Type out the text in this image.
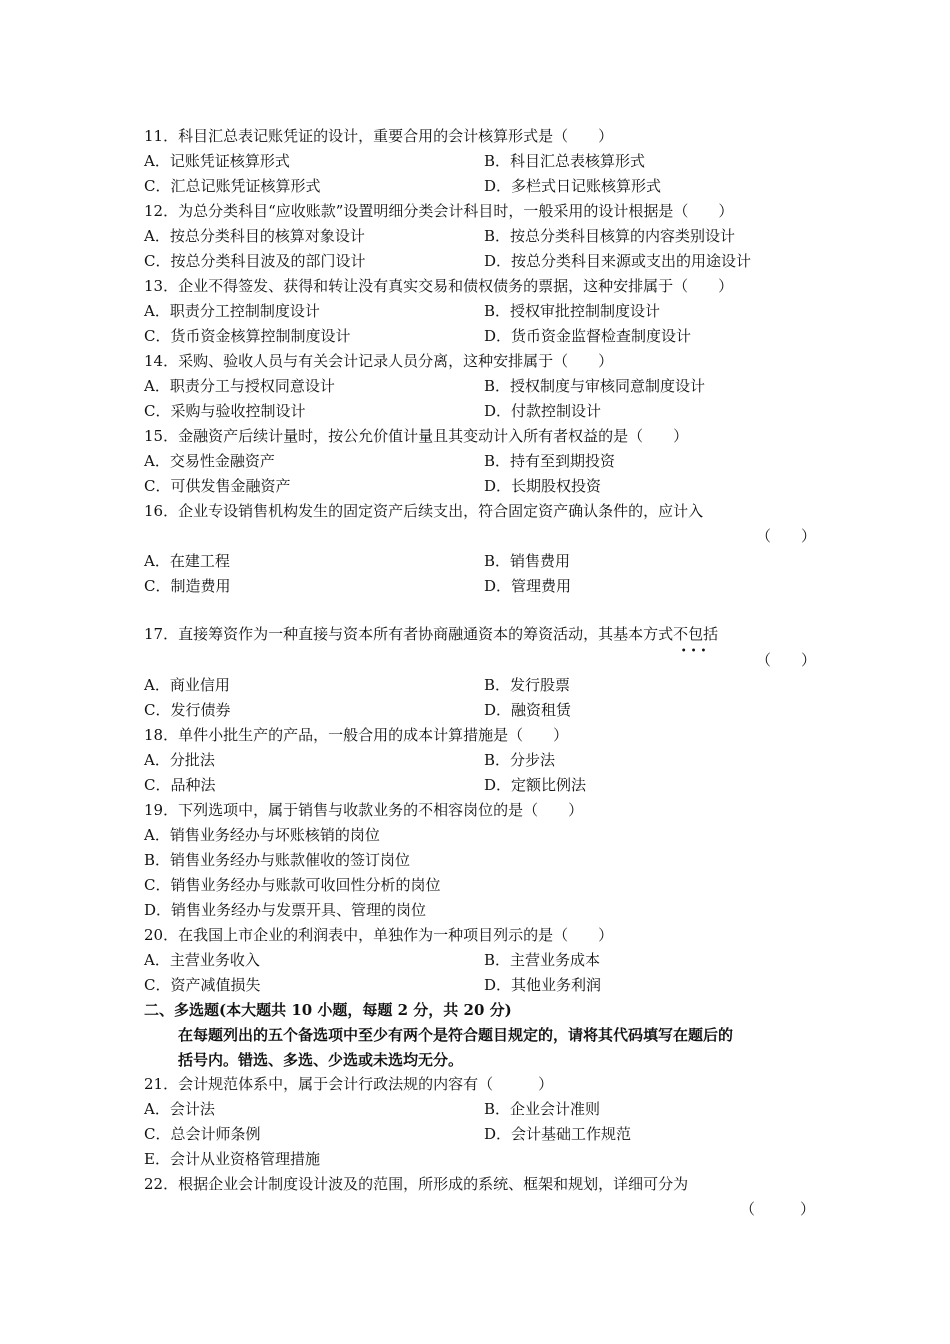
11．科目汇总表记账凭证的设计，重要合用的会计核算形式是（　　）
A．记账凭证核算形式	B．科目汇总表核算形式
C．汇总记账凭证核算形式	D．多栏式日记账核算形式
12．为总分类科目“应收账款”设置明细分类会计科目时，一般采用的设计根据是（　　）
A．按总分类科目的核算对象设计	B．按总分类科目核算的内容类别设计
C．按总分类科目波及的部门设计	D．按总分类科目来源或支出的用途设计
13．企业不得签发、获得和转让没有真实交易和债权债务的票据，这种安排属于（　　）
A．职责分工控制制度设计	B．授权审批控制制度设计
C．货币资金核算控制制度设计	D．货币资金监督检查制度设计
14．采购、验收人员与有关会计记录人员分离，这种安排属于（　　）
A．职责分工与授权同意设计	B．授权制度与审核同意制度设计
C．采购与验收控制设计	D．付款控制设计
15．金融资产后续计量时，按公允价值计量且其变动计入所有者权益的是（　　）
A．交易性金融资产	B．持有至到期投资
C．可供发售金融资产	D．长期股权投资
16．企业专设销售机构发生的固定资产后续支出，符合固定资产确认条件的，应计入
（　　）
A．在建工程	B．销售费用
C．制造费用	D．管理费用
17．直接筹资作为一种直接与资本所有者协商融通资本的筹资活动，其基本方式不包括
•••	（　　）
A．商业信用	B．发行股票
C．发行债券	D．融资租赁
18．单件小批生产的产品，一般合用的成本计算措施是（　　）
A．分批法	B．分步法
C．品种法	D．定额比例法
19．下列选项中，属于销售与收款业务的不相容岗位的是（　　）
A．销售业务经办与坏账核销的岗位
B．销售业务经办与账款催收的签订岗位
C．销售业务经办与账款可收回性分析的岗位
D．销售业务经办与发票开具、管理的岗位
20．在我国上市企业的利润表中，单独作为一种项目列示的是（　　）
A．主营业务收入	B．主营业务成本
C．资产减值损失	D．其他业务利润
二、多选题(本大题共 10 小题，每题 2 分，共 20 分)
在每题列出的五个备选项中至少有两个是符合题目规定的，请将其代码填写在题后的
括号内。错选、多选、少选或未选均无分。
21．会计规范体系中，属于会计行政法规的内容有（　　　）
A．会计法	B．企业会计准则
C．总会计师条例	D．会计基础工作规范
E．会计从业资格管理措施
22．根据企业会计制度设计波及的范围，所形成的系统、框架和规划，详细可分为
（　　　）
